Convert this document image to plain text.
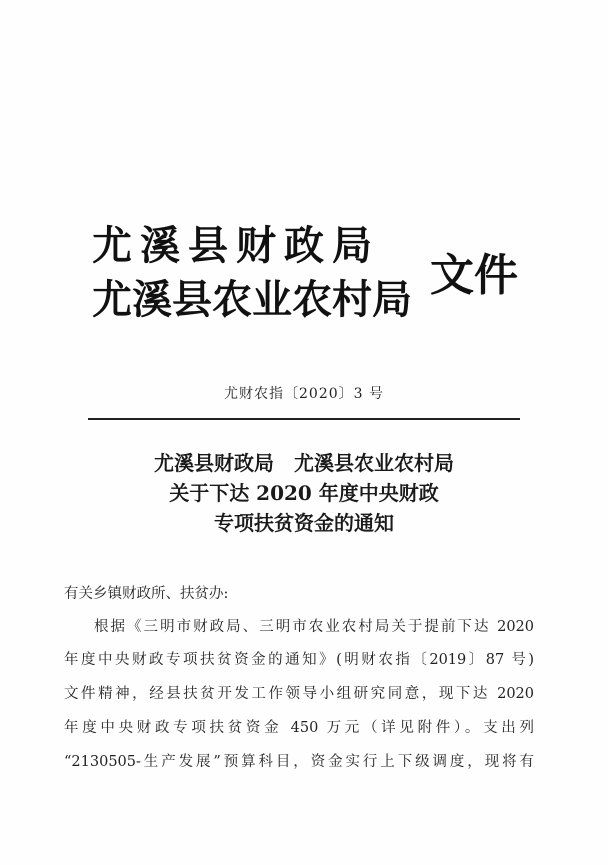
尤溪县财政局
尤溪县农业农村局 文件
尤财农指〔2020〕3 号
尤溪县财政局　尤溪县农业农村局
关于下达 2020 年度中央财政
专项扶贫资金的通知
有关乡镇财政所、扶贫办:
根据《三明市财政局、三明市农业农村局关于提前下达 2020
年度中央财政专项扶贫资金的通知》(明财农指〔2019〕87 号)
文件精神，经县扶贫开发工作领导小组研究同意，现下达 2020
年度中央财政专项扶贫资金 450 万元（详见附件）。支出列
“2130505-生产发展”预算科目，资金实行上下级调度，现将有
